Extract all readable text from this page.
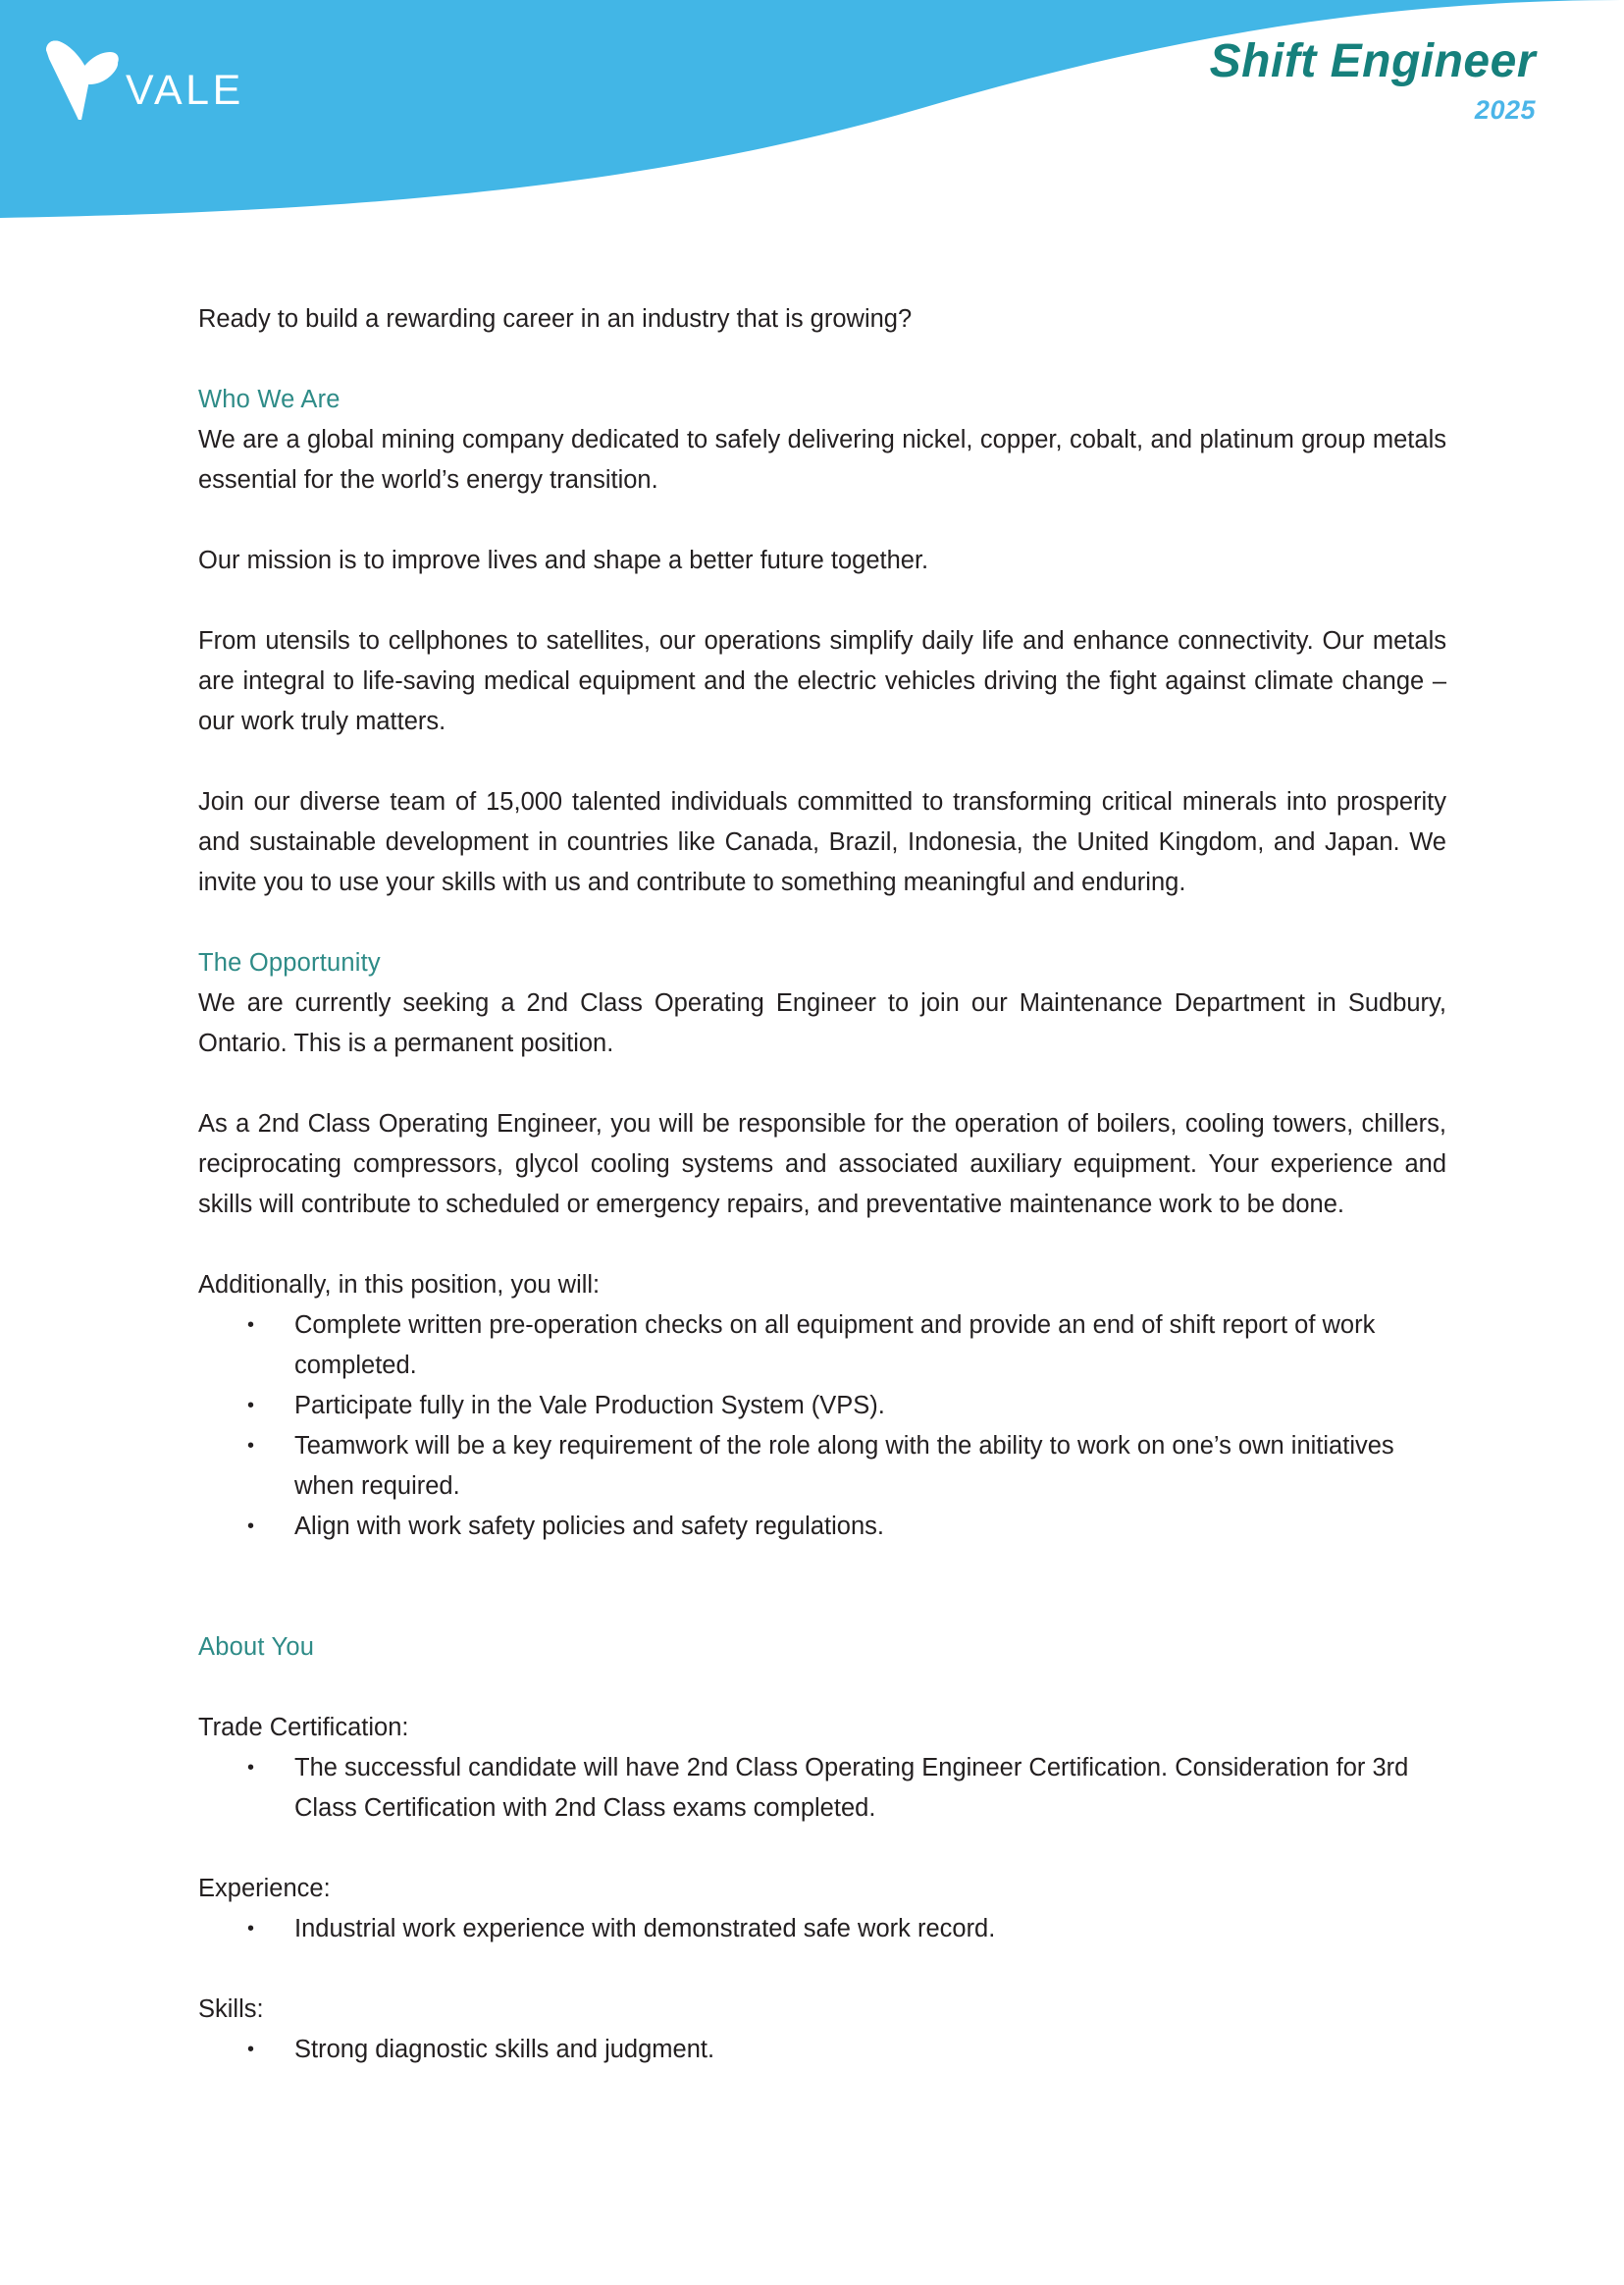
VALE
Shift Engineer
2025

Ready to build a rewarding career in an industry that is growing?

Who We Are

We are a global mining company dedicated to safely delivering nickel, copper, cobalt, and platinum group metals essential for the world’s energy transition.

Our mission is to improve lives and shape a better future together.

From utensils to cellphones to satellites, our operations simplify daily life and enhance connectivity. Our metals are integral to life-saving medical equipment and the electric vehicles driving the fight against climate change – our work truly matters.

Join our diverse team of 15,000 talented individuals committed to transforming critical minerals into prosperity and sustainable development in countries like Canada, Brazil, Indonesia, the United Kingdom, and Japan. We invite you to use your skills with us and contribute to something meaningful and enduring.

The Opportunity

We are currently seeking a 2nd Class Operating Engineer to join our Maintenance Department in Sudbury, Ontario. This is a permanent position.

As a 2nd Class Operating Engineer, you will be responsible for the operation of boilers, cooling towers, chillers, reciprocating compressors, glycol cooling systems and associated auxiliary equipment. Your experience and skills will contribute to scheduled or emergency repairs, and preventative maintenance work to be done.

Additionally, in this position, you will:

• Complete written pre-operation checks on all equipment and provide an end of shift report of work completed.
• Participate fully in the Vale Production System (VPS).
• Teamwork will be a key requirement of the role along with the ability to work on one’s own initiatives when required.
• Align with work safety policies and safety regulations.
About You

Trade Certification:

• The successful candidate will have 2nd Class Operating Engineer Certification. Consideration for 3rd Class Certification with 2nd Class exams completed.

Experience:

• Industrial work experience with demonstrated safe work record.

Skills:

• Strong diagnostic skills and judgment.
